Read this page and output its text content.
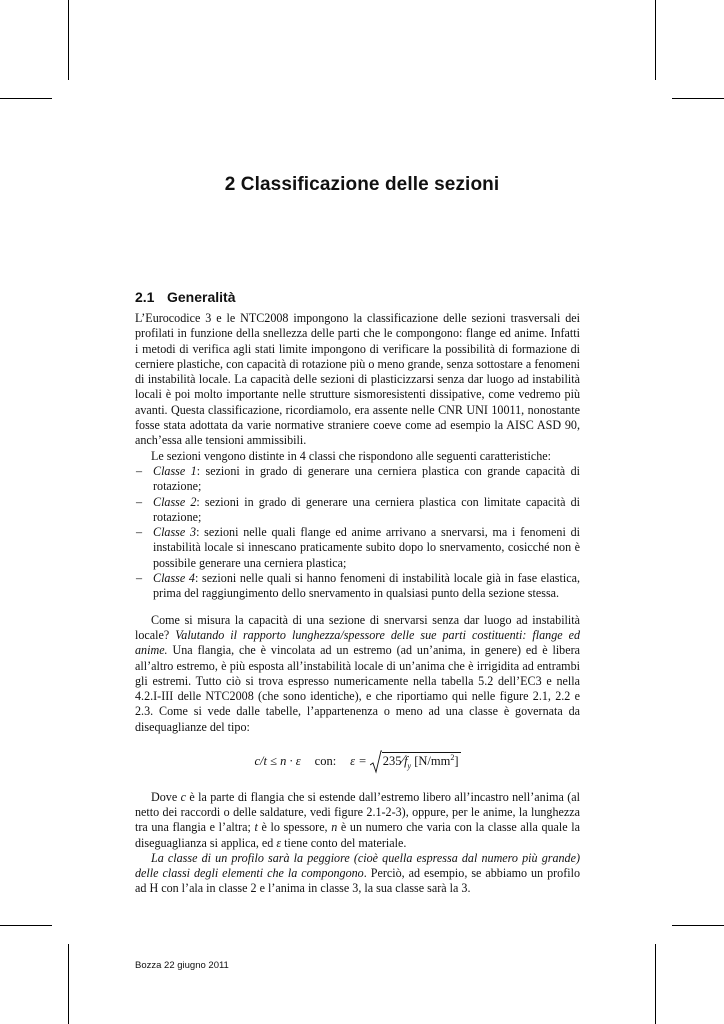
2 Classificazione delle sezioni
2.1 Generalità

L’Eurocodice 3 e le NTC2008 impongono la classificazione delle sezioni trasversali dei profilati in funzione della snellezza delle parti che le compongono: flange ed anime. Infatti i metodi di verifica agli stati limite impongono di verificare la possibilità di formazione di cerniere plastiche, con capacità di rotazione più o meno grande, senza sottostare a fenomeni di instabilità locale. La capacità delle sezioni di plasticizzarsi senza dar luogo ad instabilità locali è poi molto importante nelle strutture sismoresistenti dissipative, come vedremo più avanti. Questa classificazione, ricordiamolo, era assente nelle CNR UNI 10011, nonostante fosse stata adottata da varie normative straniere coeve come ad esempio la AISC ASD 90, anch’essa alle tensioni ammissibili.

Le sezioni vengono distinte in 4 classi che rispondono alle seguenti caratteristiche:

– Classe 1: sezioni in grado di generare una cerniera plastica con grande capacità di rotazione;
– Classe 2: sezioni in grado di generare una cerniera plastica con limitate capacità di rotazione;
– Classe 3: sezioni nelle quali flange ed anime arrivano a snervarsi, ma i fenomeni di instabilità locale si innescano praticamente subito dopo lo snervamento, cosicché non è possibile generare una cerniera plastica;
– Classe 4: sezioni nelle quali si hanno fenomeni di instabilità locale già in fase elastica, prima del raggiungimento dello snervamento in qualsiasi punto della sezione stessa.

Come si misura la capacità di una sezione di snervarsi senza dar luogo ad instabilità locale? Valutando il rapporto lunghezza/spessore delle sue parti costituenti: flange ed anime. Una flangia, che è vincolata ad un estremo (ad un’anima, in genere) ed è libera all’altro estremo, è più esposta all’instabilità locale di un’anima che è irrigidita ad entrambi gli estremi. Tutto ciò si trova espresso numericamente nella tabella 5.2 dell’EC3 e nella 4.2.I-III delle NTC2008 (che sono identiche), e che riportiamo qui nelle figure 2.1, 2.2 e 2.3. Come si vede dalle tabelle, l’appartenenza o meno ad una classe è governata da disequaglianze del tipo:

c/t ≤ n · ε con: $\varepsilon = 235∕f_y$ $[N/mm^2]$

Dove c è la parte di flangia che si estende dall’estremo libero all’incastro nell’anima (al netto dei raccordi o delle saldature, vedi figure 2.1-2-3), oppure, per le anime, la lunghezza tra una flangia e l’altra; t è lo spessore, n è un numero che varia con la classe alla quale la diseguaglianza si applica, ed ε tiene conto del materiale.

La classe di un profilo sarà la peggiore (cioè quella espressa dal numero più grande) delle classi degli elementi che la compongono. Perciò, ad esempio, se abbiamo un profilo ad H con l’ala in classe 2 e l’anima in classe 3, la sua classe sarà la 3.

Bozza 22 giugno 2011
